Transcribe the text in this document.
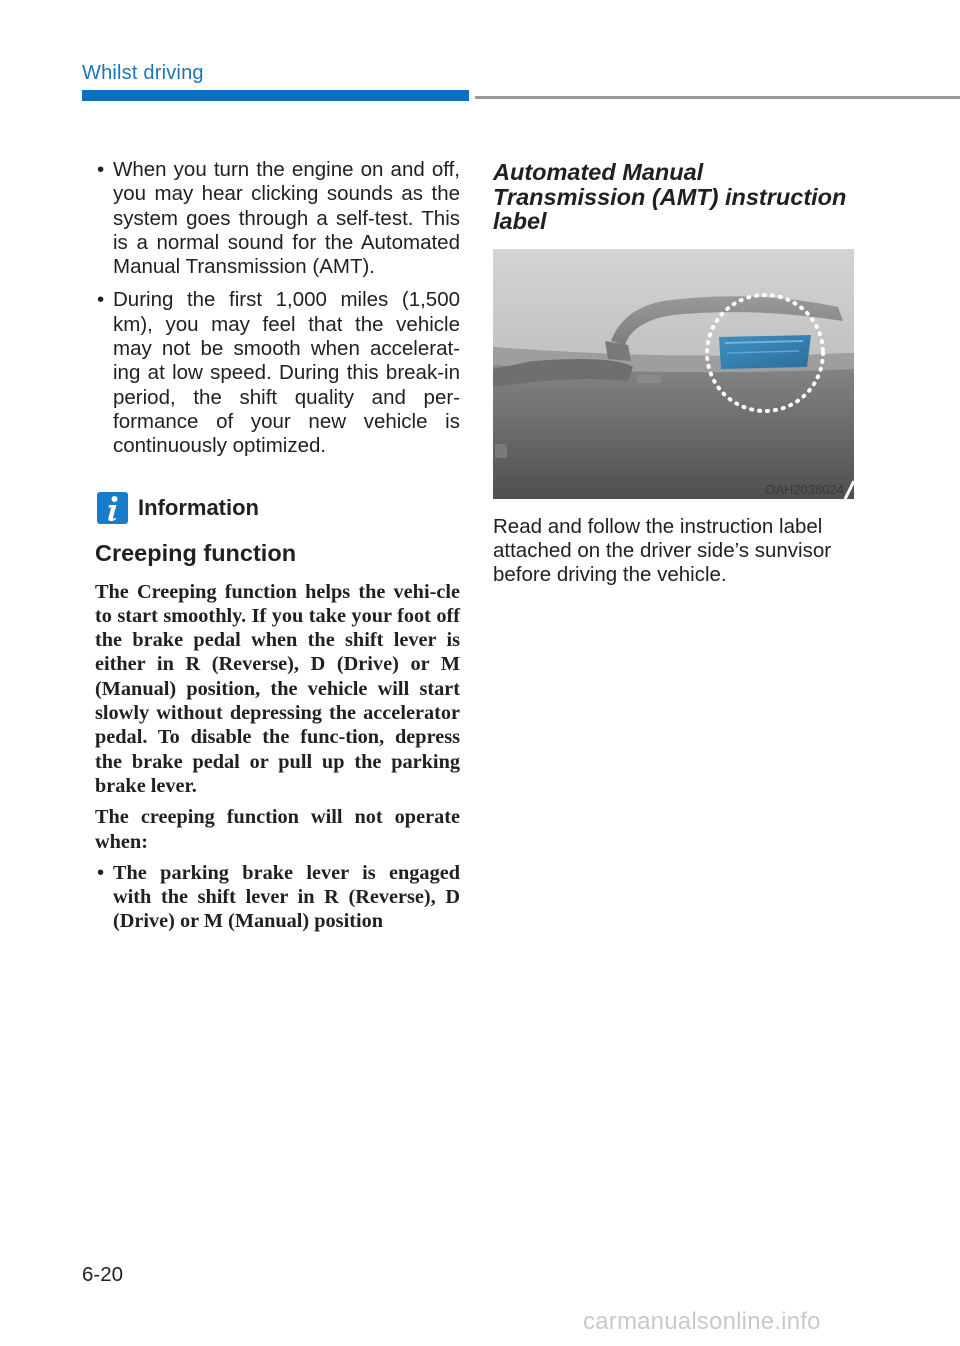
Whilst driving
• When you turn the engine on and off, you may hear clicking sounds as the system goes through a self-test. This is a normal sound for the Automated Manual Transmission (AMT).
• During the first 1,000 miles (1,500 km), you may feel that the vehicle may not be smooth when accelerat-ing at low speed. During this break-in period, the shift quality and per-formance of your new vehicle is continuously optimized.
Information
Creeping function
The Creeping function helps the vehi-cle to start smoothly. If you take your foot off the brake pedal when the shift lever is either in R (Reverse), D (Drive) or M (Manual) position, the vehicle will start slowly without depressing the accelerator pedal. To disable the func-tion, depress the brake pedal or pull up the parking brake lever.
The creeping function will not operate when:
• The parking brake lever is engaged with the shift lever in R (Reverse), D (Drive) or M (Manual) position
Automated Manual Transmission (AMT) instruction label
OAH2038024
Read and follow the instruction label attached on the driver side’s sunvisor before driving the vehicle.
6-20
carmanualsonline.info
